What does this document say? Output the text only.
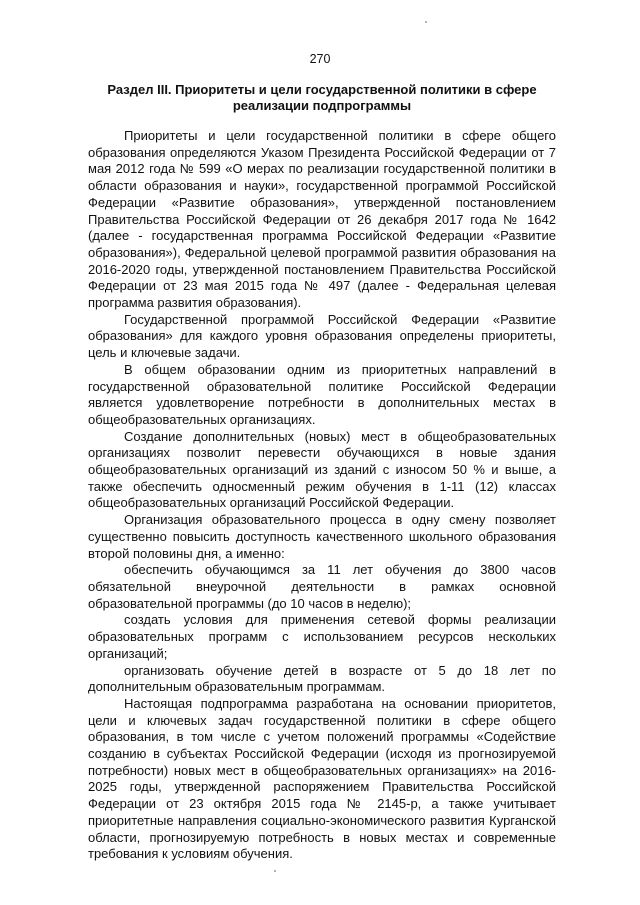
270
Раздел III. Приоритеты и цели государственной политики в сфере реализации подпрограммы

Приоритеты и цели государственной политики в сфере общего образования определяются Указом Президента Российской Федерации от 7 мая 2012 года № 599 «О мерах по реализации государственной политики в области образования и науки», государственной программой Российской Федерации «Развитие образования», утвержденной постановлением Правительства Российской Федерации от 26 декабря 2017 года № 1642 (далее - государственная программа Российской Федерации «Развитие образования»), Федеральной целевой программой развития образования на 2016-2020 годы, утвержденной постановлением Правительства Российской Федерации от 23 мая 2015 года № 497 (далее - Федеральная целевая программа развития образования).

Государственной программой Российской Федерации «Развитие образования» для каждого уровня образования определены приоритеты, цель и ключевые задачи.

В общем образовании одним из приоритетных направлений в государственной образовательной политике Российской Федерации является удовлетворение потребности в дополнительных местах в общеобразовательных организациях.

Создание дополнительных (новых) мест в общеобразовательных организациях позволит перевести обучающихся в новые здания общеобразовательных организаций из зданий с износом 50 % и выше, а также обеспечить односменный режим обучения в 1-11 (12) классах общеобразовательных организаций Российской Федерации.

Организация образовательного процесса в одну смену позволяет существенно повысить доступность качественного школьного образования второй половины дня, а именно:

обеспечить обучающимся за 11 лет обучения до 3800 часов обязательной внеурочной деятельности в рамках основной образовательной программы (до 10 часов в неделю);

создать условия для применения сетевой формы реализации образовательных программ с использованием ресурсов нескольких организаций;

организовать обучение детей в возрасте от 5 до 18 лет по дополнительным образовательным программам.

Настоящая подпрограмма разработана на основании приоритетов, цели и ключевых задач государственной политики в сфере общего образования, в том числе с учетом положений программы «Содействие созданию в субъектах Российской Федерации (исходя из прогнозируемой потребности) новых мест в общеобразовательных организациях» на 2016-2025 годы, утвержденной распоряжением Правительства Российской Федерации от 23 октября 2015 года № 2145-р, а также учитывает приоритетные направления социально-экономического развития Курганской области, прогнозируемую потребность в новых местах и современные требования к условиям обучения.
